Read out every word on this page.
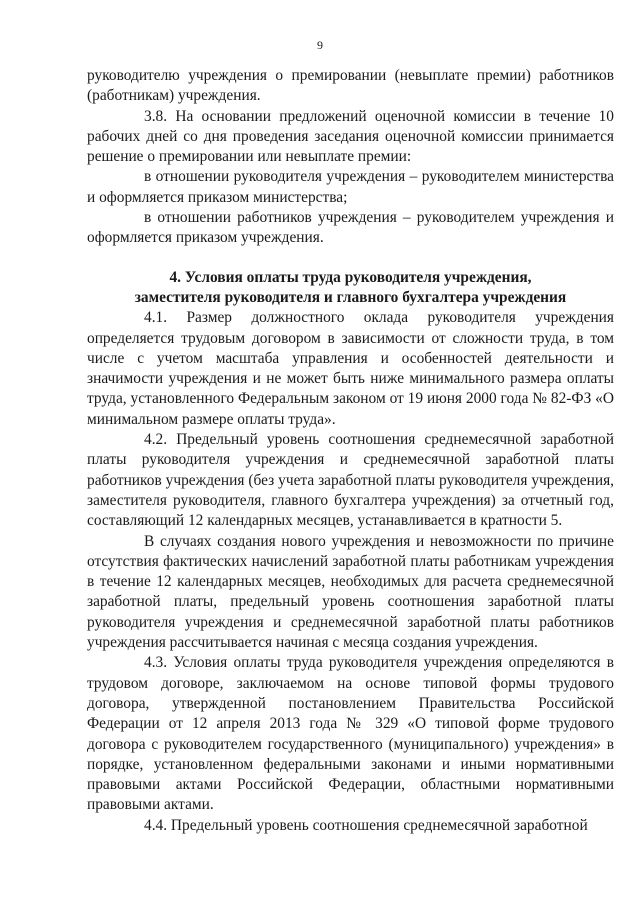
9

руководителю учреждения о премировании (невыплате премии) работников (работникам) учреждения.

3.8. На основании предложений оценочной комиссии в течение 10 рабочих дней со дня проведения заседания оценочной комиссии принимается решение о премировании или невыплате премии:

в отношении руководителя учреждения – руководителем министерства и оформляется приказом министерства;

в отношении работников учреждения – руководителем учреждения и оформляется приказом учреждения.

4. Условия оплаты труда руководителя учреждения,
заместителя руководителя и главного бухгалтера учреждения

4.1. Размер должностного оклада руководителя учреждения определяется трудовым договором в зависимости от сложности труда, в том числе с учетом масштаба управления и особенностей деятельности и значимости учреждения и не может быть ниже минимального размера оплаты труда, установленного Федеральным законом от 19 июня 2000 года № 82-ФЗ «О минимальном размере оплаты труда».

4.2. Предельный уровень соотношения среднемесячной заработной платы руководителя учреждения и среднемесячной заработной платы работников учреждения (без учета заработной платы руководителя учреждения, заместителя руководителя, главного бухгалтера учреждения) за отчетный год, составляющий 12 календарных месяцев, устанавливается в кратности 5.

В случаях создания нового учреждения и невозможности по причине отсутствия фактических начислений заработной платы работникам учреждения в течение 12 календарных месяцев, необходимых для расчета среднемесячной заработной платы, предельный уровень соотношения заработной платы руководителя учреждения и среднемесячной заработной платы работников учреждения рассчитывается начиная с месяца создания учреждения.

4.3. Условия оплаты труда руководителя учреждения определяются в трудовом договоре, заключаемом на основе типовой формы трудового договора, утвержденной постановлением Правительства Российской Федерации от 12 апреля 2013 года № 329 «О типовой форме трудового договора с руководителем государственного (муниципального) учреждения» в порядке, установленном федеральными законами и иными нормативными правовыми актами Российской Федерации, областными нормативными правовыми актами.

4.4. Предельный уровень соотношения среднемесячной заработной
